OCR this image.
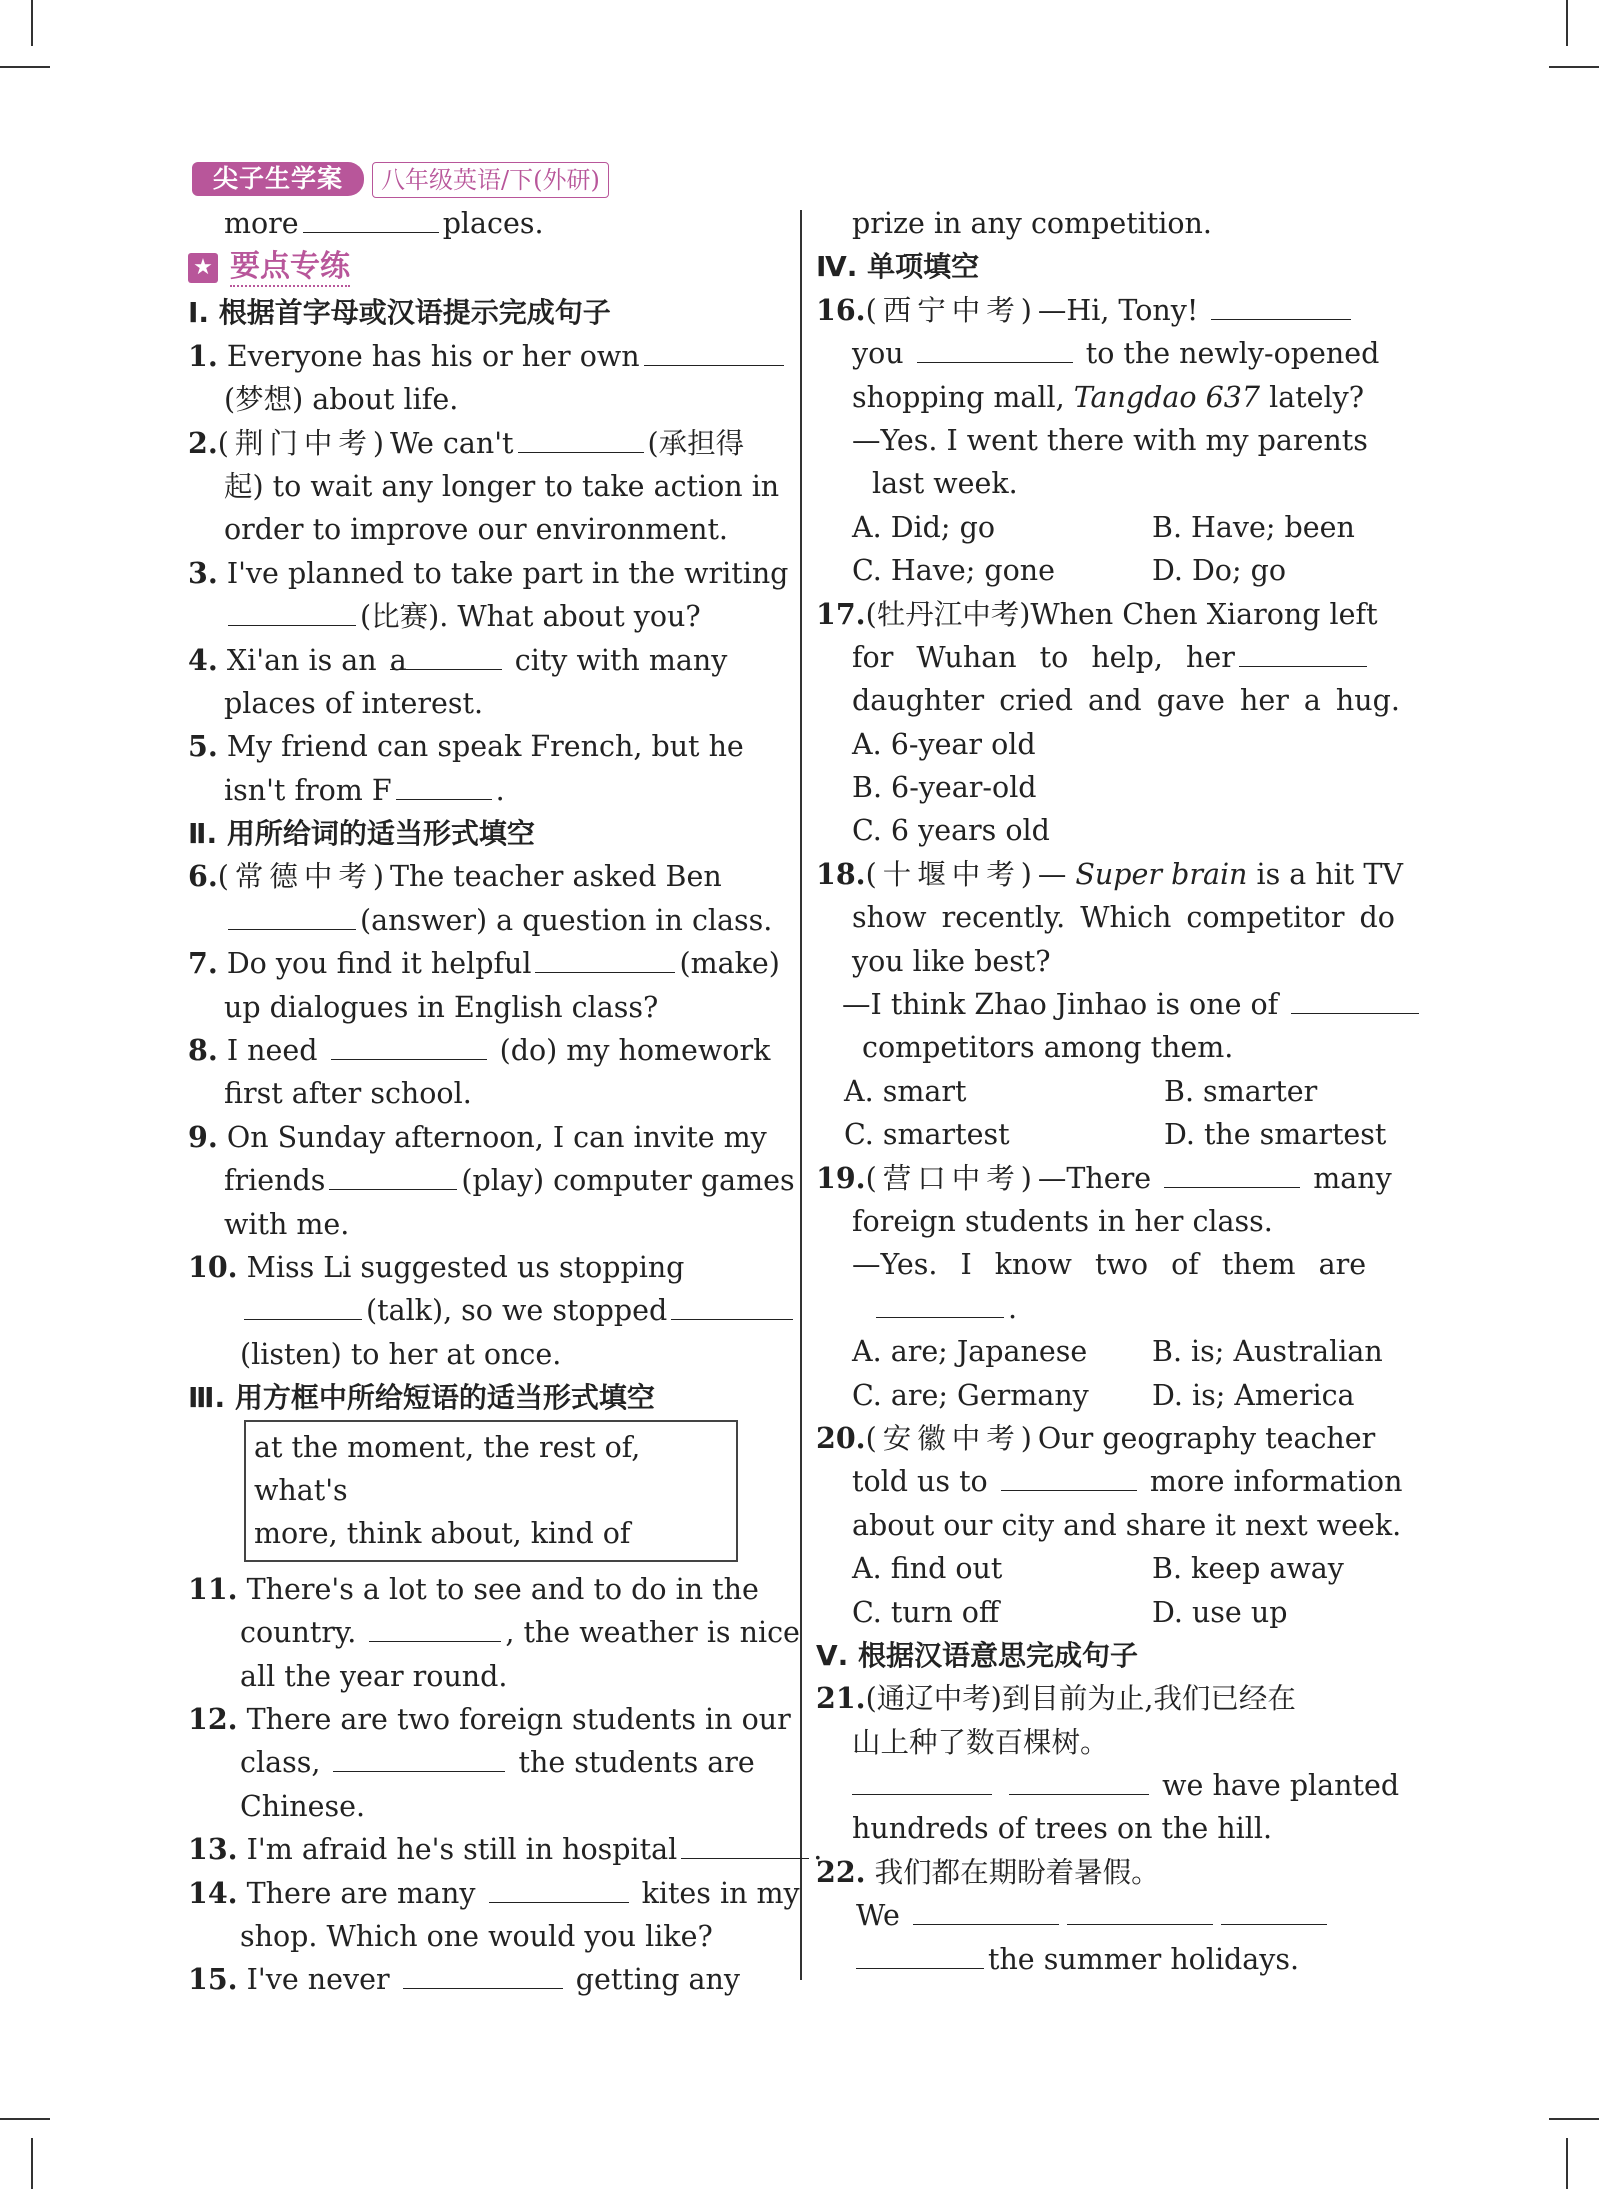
尖子生学案	八年级英语/下(外研)
more	places.
★ 要点专练
Ⅰ. 根据首字母或汉语提示完成句子
1. Everyone has his or her own
(梦想) about life.
2.(荆门中考)We can't	(承担得
起) to wait any longer to take action in
order to improve our environment.
3. I've planned to take part in the writing
(比赛). What about you?
4. Xi'an is an a	city with many
places of interest.
5. My friend can speak French, but he
isn't from F	.
Ⅱ. 用所给词的适当形式填空
6.(常德中考)The teacher asked Ben
(answer) a question in class.
7. Do you find it helpful	(make)
up dialogues in English class?
8. I need	(do) my homework
first after school.
9. On Sunday afternoon, I can invite my
friends	(play) computer games
with me.
10. Miss Li suggested us stopping
(talk), so we stopped
(listen) to her at once.
Ⅲ. 用方框中所给短语的适当形式填空
at the moment, the rest of, what's
more, think about, kind of
11. There's a lot to see and to do in the
country.	, the weather is nice
all the year round.
12. There are two foreign students in our
class,	the students are
Chinese.
13. I'm afraid he's still in hospital	.
14. There are many	kites in my
shop. Which one would you like?
15. I've never	getting any
prize in any competition.
Ⅳ. 单项填空
16.(西宁中考)—Hi, Tony!
you	to the newly-opened
shopping mall, Tangdao 637 lately?
—Yes. I went there with my parents
last week.
A. Did; go	B. Have; been
C. Have; gone	D. Do; go
17.(牡丹江中考)When Chen Xiarong left
for Wuhan to help, her
daughter cried and gave her a hug.
A. 6-year old
B. 6-year-old
C. 6 years old
18.(十堰中考)— Super brain is a hit TV
show recently. Which competitor do
you like best?
—I think Zhao Jinhao is one of
competitors among them.
A. smart	B. smarter
C. smartest	D. the smartest
19.(营口中考)—There	many
foreign students in her class.
—Yes. I know two of them are
.
A. are; Japanese	B. is; Australian
C. are; Germany	D. is; America
20.(安徽中考)Our geography teacher
told us to	more information
about our city and share it next week.
A. find out	B. keep away
C. turn off	D. use up
Ⅴ. 根据汉语意思完成句子
21.(通辽中考)到目前为止,我们已经在
山上种了数百棵树。
we have planted
hundreds of trees on the hill.
22. 我们都在期盼着暑假。
We
the summer holidays.
